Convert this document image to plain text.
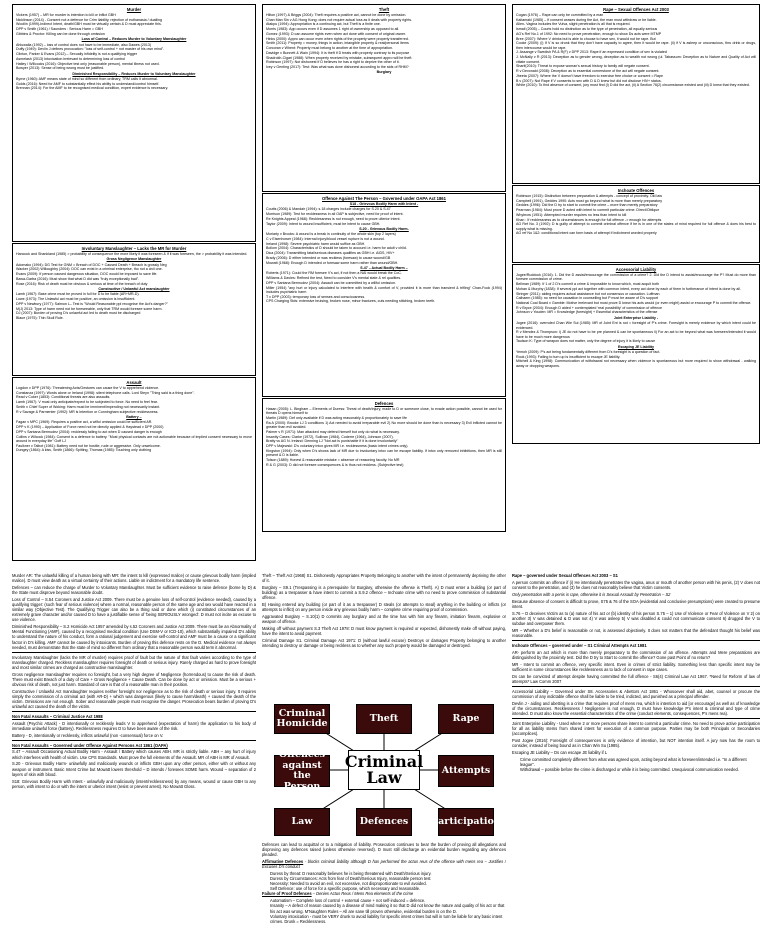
Murder

Vickers (1957) – MR for murder is intention to kill or inflict GBH

Nicklinson (2014) - Consent not a defence for Crim liability, rejection of euthanasia / dualling

Woollin (1999)-Indirect Intent, death/GBH must be virtually certain & D must appreciate this.

DPP v Smith (1961) / Saunders : Serious Harm = GBH

Gibbins & Proctor: Killing can be done through omission

Loss of Control – Reduces Murder to Voluntary Manslaughter

Ahluwalia (1992) – loss of control does not have to be immediate, also Dawes (2013)

Duffy (1949): Devlin J defines provocation: "loss of self-control + not master of his own mind".

Clinton, Parker & Evans (2012) – Sexually infidelity is not a qualifying trigger

Asmelash (2013) Intoxication irrelevant to determining loss of control

Hatley / Willcocks (2016): Objective test only (reasonable person), mental illness not used.

Bowyer (2013): Sense of being wrong must be justified.

Diminished Responsibility – Reduces Murder to Voluntary Manslaughter

Byrne (1960): AMF means state of mind so different from ordinary, TRM calls it abnormal.

Golds (2016): Need for AMF to substantially effect his ability to understand/control himself.

Brennan (2014): For the AMF to be recognised medical condition, expert evidence is necessary.

Involuntary Manslaughter – Lacks the MR for Murder

Hancock and Shankland (1985) > probability of consequence the more likely it was foreseen & if it was foreseen, the > probability it was intended.

Gross Negligence Manslaughter

Adomako (1994): DG Test for GNM = Breach of DOC + Caused Death + Breach is grossly Neg

Wacker (2002) Willoughby (2004): DOC can exist in a criminal enterprise, tho not a civil one.

Evans (2009): If person caused dangerous situation, DOC would be imposed to save life.

Bawa-Garba (2016): Must show that what D did was "truly exceptionally bad".

Rose (2016): Risk of death must be obvious & serious at time of the breach of duty

Constructive / Unlawful Act manslaughter

Lamb (1967): Base crime must be proved in full for D to be liable (AR+MR-D).

Lowe (1973): The Unlawful act must be positive, an omission is insufficient.

DPP v Newbury (1977): Salmon L– Test is "Would Reasonable ppl recognise the Act's danger?"

M(J) 2013: Type of harm need not be foreseeable, only that TRM would foresee some harm.

DJ (2007): Burden of proving D's unlawful act led to death must be discharged

Blaue (1975): Thin Skull Rule.

Assault

Logdon v DPP (1976): Threatening Acts/Gestures can cause the V to apprehend violence.

Constanza (1997): Words alone or Ireland (1998): silent telephone calls. Lord Steyn "Thing said is a thing done".

Read v Coker (1853): Conditional threats are also assaults.

Lamb (1967): V must only anticipate/expect to be subjected to force. No need to feel fear.

Smith v Chief Super of Woking: Harm must be imminent/impending not necessarily instant.

R v Savage & Parmenter (1992): MR is Intention or Cunningham subjective recklessness.

Battery –

Fagan v MPC (1969): Requires a positive act, a wilful omission could be sufficient AR.

DPP v K (1990) – Application of Force need not be directly applied & Haystead v DPP (2000)

DPP v Santana Bermudez (2004): recklessly failing to act when D caused danger is enough

Collins v Wilcock (1984): Consent is a defence to battery. "Most physical contacts are not actionable because of implied consent necessary to move around in everyday life" Goff LJ

Faulkner v Talbot (1981): Battery need not be hostile, rude or aggressive. Only unwelcome.

Dungey (1864): A kiss, Smith (1866): Spitting, Thomas (1985): Touching only clothing

Theft

Hilton (1997) & Briggs (2004): Theft requires a positive act, cannot be done by omission.

Chan Man Sin v AG Hong Kong: does not require actual loss as it deals with property rights.

Atakpu (1994): Appropriation is a continuing act, but Theft is a finite one.

Morris (1983): App occurs even if D assumes 1 right of ownership as opposed to all.

Gomez (1993): D can assume rights even when act done with consent of original owner.

Hinks (2000): Appro can occur even when rights of the property were properly transferred.

Smith (2011): Property = money, things in action, intangible property & real/personal items

Corcoran v Whent: Property must belong to another at the time of appropriation.

Davidge v Bunnett & Wain (1994): It is theft if D treats with property contrary to its purpose

Shadrokh-Cigari (1988): When property received by mistake, subsequent appro will be theft.

Robinson (1997): Not dishonest if D believes he has a right to deprive the other of it.

Ivey v Genting (2017): Test: Was what was done dishonest according to the stds of RHM?

Burglary
Offence Against The Person – Governed under OAPA Act 1861
S18 - Grievous Bodily Harm with Intent -

Coutts (2006) & Mandair (1994): s.18 charges include charges for S.20 & S.47

Morrison (1989): Test for recklessness in all OAP is subjective, need for proof of intent.

Re Knights Appeal (1968): Recklessness is not enough, need to prove ulterior intent.

Taylor (2009): Intent to wound insufficient, must be intent to cause GBH.

S.20 - Grievous Bodily Harm-

Moriarty v Brooks: A wound is a break in continuity of the whole skin (top 2 layers)

C v Eisenhower (1984): Internal injury/blood vessel rupture is not a wound.

Ireland (1998): Severe psychiatric harm would suffice as GBH.

Bollom (2004): Characteristics of D should be taken to account i.e. harm for adult v child.

Dica (2004): Transmitting fatal/serious diseases qualifies as GBH i.e. AIDS, HIV+

Brady (2006): D either intended or was reckless (foresaw) to cause wound/GB

Mowatt (1968): Enough D intended or foresaw some harm rather than wound/GBH.

S.47 – Actual Bodily Harm –

Roberts (1971): Could the RM foresee V's act, if not then a NAI would break the CoC.

Williams & Davies: Refined the test, Need to consider V's mental state & rel qualities.

DPP v Santana Bermudez (2004): Assault can be committed by a willful omission.

Miller (1954) "any hurt or injury calculated to interfere with health & comfort of V, provided it is more than transient & trifling" Chan-Fook (1994) includes psychiatric harm

T v DPP (2003): temporary loss of senses and consciousness.

CPS Charging Stds: extensive bruising, broken nose, minor fractures, cuts needing stitching, broken teeth.

Defences

Hasan (2005): L. Bingham – Elements of Duress: Threat of death/injury, made to D or someone close, to evade action possible, cannot be used for threats D opens himself to

Martin (1989): Def only available if D was acting reasonably & proportionately to save life

Ra A (2000): Brooke LJ 3 conditions 1) Act needed to avoid irreparable evil 2) No more should be done than is necessary 3) Evil inflicted cannot be greater than evil avoided.

Palmer v R (1971): Man attacked may defend himself but only do what is necessary.

Insanity Cases: Clarke (1972), Sullivan (1984), Coderre (1964), Johnson (2007).

Bratty vs AG N. Ireland: Denning LJ "Not act is punishable if it is done involuntarily"

DPP v Majewski: D's voluntary intox gives MR i.e. recklessness (basic intent crimes only).

Kingston (1994): Only when D's shows lack of MR due to involuntary intox can he escape liability. If intox only removed inhibitions, then MR is still present & D is liable.

Tolson (1889): Honest & reasonable mistake = absence of reasoning faculty. No MR

R & G (2003): D did not foresee consequences & is thus not reckless. (Subjective test)

Rape – Sexual Offences Act 2003

Cogan (1976) – Rape can only be committed by a man

Kaitamaki (1985) – If consent ceases during the Act, the man must withdraw or be liable.

Allen- Vagina includes the Vulva, slight penetration is all that is required.

Ismail (2005) – Courts hold no distinction as to the type of penetration, all equally serious

AG's Ref No.1 of 1992: No need to prove penetration, enough to show Ds acts were MTMP

Bree (2007): Where V drinks but is able to choose to have sex, it would not be rape. But

Cooke (2009): (i) If V is so drunk that they don't have capacity to agree, then it would be rape. (ii) if V is asleep or unconscious, thru drink or drugs, then intercourse would be rape.

J. Assange v Swedish PA & R(F) v DPP 2013: Rape if an expressed condition of sex is violated

J. McNally v R (2013): Deception as to gender wrong, deception as to wealth not wrong (ul. Tabassum: Deception as to Nature and Quality of Act will vitiate consent.

Sharif(2010): Threat to expose woman's sexual history to family will negate consent.

R v Devonald (2008): Deception as to essential cornerstone of the act will negate consent.

Jheeta (2007): Where the V doesn't have freedom to exercise free choice or consent = Rape

B v (2007): Not Rape if V consents to sex with D & D knew but did not disclose HIV+ status.

White (2010): To find absence of consent, jury must find (i) D did the act, (ii) A Section 76(2) circumstance existed and (iii) D knew that they existed.

Inchoate Offences

Robinson (1915): Distinction between preparation & attempts - concept of proximity. Old law

Campbell (1991), Geddes 1990: Acts must go beyond what is more than merely preparatory

Geddes (1996): Did the D try to start to commit the crime – more than merely preparatory

Pearman (1984): Must prove D acted with intent to commit particular crime. Direct/Oblique

Whybrow (1951): Attempted murder requires no less than intent to kill

Khan : If recklessness as to circumstances is enough for full offence -> enough for attempts

AG Ref No. 3 (1992): D is guilty of attempt to commit criminal offence if he is in one of the states of mind required for full offence & does his best to supply what is missing.

AG ref No 1&2: conditional intent can form basis of attempt if indictment worded properly

Accessorial Liability

Jogee/Ruddock (2016): 1. Did the D assist/encourage the commission of a crime? 2. Did the D intend to assist/encourage the P? Must do more than foresee commission of crime.

Bellman (1989): If 1 of 2 D's commit a crime & impossible to know which, must acquit both

Mohan & Murphy (1838): If several ppl act together with common intent, every act done by each of them in furtherance of intent is done by all.

Stringer (2011): aiding requires actual assistance but not consensus or causation. Luffman

Calhaem (1985): no need for causation in counselling but P must be aware of D's support

National Coal Board v Gamble: Motive irrelevant but must prove D knew his acts would (or even might) assist or encourage P to commit the offence.

R v Bryce (2004): Enough D aided + contemplated 'real possibility' of commission of offence

Johnson v Youden: MR = Knowledge (foresight) + Essential characteristics of the offense

Joint Enterprise Liability -

Jogee (2016): overruled Chan Wie Sui (1985): MR of Joint Ent is not = foresight of P's crime. Foresight is merely evidence by which intent could be evidenced.

R v Mendez & Thompson: i) JE do not have to be pre planned & can be spontaneous ii) For an act to be beyond what was foreseen/intended it would have to be much more dangerous

Taulson K: Type of weapon does not matter, only the degree of injury it is likely to cause

Escaping JE Liability

Yemoh (2009): P's act being fundamentally different from D's foresight is a question of fact.

Rook (1993): Failing to turn up is insufficient to escape JE liability.

Mitchell & King (1998): Communication of withdrawal not necessary when violence is spontaneous but more required to show withdrawal - walking away or dropping weapons.

Murder AR: The unlawful killing of a human being with MR: the intent to kill (expressed malice) or cause grievous bodily harm (implied malice). D must view death as a virtual certainty of their actions. Liable on indictment for a mandatory life sentence.

Defences – can reduce the charge of Murder to Voluntary Manslaughter. Must be sufficient evidence to raise defence (borne by D) & the State must disprove beyond reasonable doubt.

Loss of Control – S.54 Coroners and Justice Act 2009. There must be a genuine loss of self-control (evidence needed), caused by a qualifying trigger: (such fear of serious violence) where a normal, reasonable person of the same age and sex would have reacted in a similar way (Objective Test). The Qualifying Trigger can also be a thing said or done which (i) constituted circumstances of an extremely grave character and/or caused D to have a justifiable sense of 'being SERIOUSLY wronged'. D must not incite as excuse to use violence.

Diminished Responsibility – S.2 Homicide Act 1957 amended by s.52 Coroners and Justice Act 2009. There must be an Abnormality of Mental Functioning (AMF), caused by a recognised medical condition (Use DSM-V or ICD-10), which substantially impaired D's ability to understand the nature of his conduct, form a rational judgement and exercise self-control and AMF must be a cause or a significant factor in D's killing. AMF cannot be caused by intoxicants. Burden of proving this defence rests on the D. Medical evidence not always needed, must demonstrate that the state of mind so different from ordinary that a reasonable person would term it abnormal.

Involuntary Manslaughter (lacks the MR of murder) requires proof of fault but the nature of that fault varies according to the type of manslaughter charged. Reckless manslaughter requires foresight of death or serious injury. Rarely charged as hard to prove foresight and most similar crimes are charged as constructive manslaughter.

Gross negligence manslaughter requires no foresight, but a very high degree of Negligence (horrendous) to cause the risk of death. There must exist Breach of a duty of Care + Gross Negligence + Cause Death. Can be done by act or omission. Must be a serious + obvious risk of death, not just harm. Standard of care is that of a reasonable man in their position.

Constructive / Unlawful Act manslaughter requires neither foresight nor negligence as to the risk of death or serious injury. It requires simply the commission of a criminal act (with AR-D) + which was dangerous (likely to cause harm/death) + caused the death of the victim. Omissions are not enough. Sober and reasonable people must recognise the danger. Prosecution bears burden of proving D's unlawful act caused the death of the victim.

Non Fatal Assaults – Criminal Justice Act 1988

Assault (Psychic Attack) - D intentionally or recklessly leads V to apprehend (expectation of harm) the application to his body of immediate unlawful force (battery). Recklessness requires D to have been aware of the risk.

Battery - D, intentionally or recklessly, inflicts unlawful (non -consensual) force on V.

Non Fatal Assaults – Governed under Offence Against Persons Act 1861 (OAPA)

S.47 – Assault Occasioning Actual Bodily Harm - Assault / Battery which causes ABH. MR is strictly liable. ABH – any hurt of injury which interferes with health of victim. Use CPS Standards. Must prove the full elements of the Assault. MR of ABH is MR of Assault.

S.20 - Grievous Bodily Harm- unlawfully and maliciously wounds or inflicts GBH upon any other person, either with or without any weapon or instrument. Basic Intent Crime but Mowatt lowers threshold – D intends / foresees SOME harm. Wound – separation of 2 layers of skin with blood.

S18: Grievous Bodily Harm with Intent - unlawfully and maliciously (intent/recklessness) by any means, wound or cause GBH to any person, with intent to do or with the intent or ulterior intent (resist or prevent arrest). No Mowatt Gloss.

Theft – Theft Act (1968) S1. Dishonestly Appropriates Property Belonging to another with the intent of permanently depriving the other of it.

Burglary – S9.1 (Trespassing is a prerequisite for Burglary, otherwise the offense is Theft). A) D must enter a building (or part of building) as a trespasser & have intent to commit a S.9.2 offence – Inchoate crime with no need to prove commission of substantial offence.

B) Having entered any building (or part of it as a trespasser) D steals (or attempts to steal) anything in the building or inflicts (or attempts to inflict) on any person inside any grievous bodily harm – complete crime requiring proof of commission.

Aggravated Burglary – S.10(1) D commits any burglary and at the time has with him any firearm, imitation firearm, explosive or weapon of offence.

Making off without payment S.3 Theft Act 1978: D must know payment is required or expected, dishonestly make off without paying, have the intent to avoid payment.

Criminal Damage S1. Criminal Damage Act 1971: D (without lawful excuse) Destroys or damages Property belonging to another intending to destroy or damage or being reckless as to whether any such property would be damaged or destroyed.

Criminal Homicide	Theft	Rape
Offences against the Person
Criminal Law	Attempts
Law	Defences	Participation

Defences can lead to acquittal or to a mitigation of liability. Prosecution continues to bear the burden of proving all allegations and disproving any defences raised (unless otherwise reversed). D must still discharge an evidential burden regarding any defences pleaded.

Affirmative Defences - blocks criminal liability although D has performed the actus reus of the offence with mens rea – Justifies / Excuses D's conduct

• Duress by threat: D reasonably believes he is being threatened with Death/Serious injury.
• Duress by Circumstances: Acts from fear of Death/Serious Injury, reasonable person test
• Necessity: Needed to avoid an evil, not excessive, not disproportionate to evil avoided.
• Self Defence: use of force for a specific purpose, which necessary and reasonable.

Failure of Proof Defences – Denies Actus Reus / Mens Rea elements of the crime

• Automatism – Complete loss of control + external cause + not self-induced = defence.
• Insanity – A defect of reason caused by a disease of mind making it so that D did not know the nature and quality of his act or that his act was wrong. M'Naughten Rules – All are sane till proven otherwise, evidential burden is on the D.
• Voluntary intoxication - must be VERY drunk to avoid liability for specific intent crimes but will in turn be liable for any basic intent crimes. Drunk = Recklessness.

Rape – governed under Sexual Offences Act 2003 – S1

A person commits an offence if (i) He intentionally penetrates the vagina, anus or mouth of another person with his penis, (2) V does not consent to the penetration, and (3) he does not reasonably believe that Victim consents.

Only penetration with a penis is rape, otherwise it is Sexual Assault by Penetration – S2

Because absence of consent is difficult to prove, S75 & 76 of the SOA (evidential and conclusive presumptions) were created to presume intent.

S.76 – D deceives Victim as to (a) nature of his act or (b) identity of his person S.75 – 1) Use of Violence or Fear of Violence on V 2) on another 3) V was detained & D was not 4) V was asleep 5) V was disabled & could not communicate consent 6) drugged the V to subdue and overpower them.

MR – Whether a D's belief is reasonable or not, is assessed objectively. It does not matters that the defendant thought his belief was reasonable.

Inchoate Offences – governed under – S1 Criminal Attempts Act 1981

AR- perform an act which is more than merely preparatory to the commission of an offence. Attempts and Mere preparations are distinguished by the proximity test. Did the D try to Start to commit the offence? Gone past Point of no return?

MR - Intent to commit an offence, very specific intent. Even in crimes of strict liability. Something less than specific intent may be sufficient in some circumstances like recklessness as to lack of consent in rape cases.

Ds can be convicted of attempt despite having committed the full offence - S6(4) Criminal Law Act 1967. *Need for Reform of law of attempts* Law Comm 2007

Accessorial Liability – Governed under S8. Accessories & Abettors Act 1861 - Whosoever shall aid, abet, counsel or procure the commission of any indictable offence shall be liable to be tried, indicted, and punished as a principal offender.

Devlin J - aiding and abetting is a crime that requires proof of mens rea, which is intention to aid [or encourage] as well as of knowledge of the circumstances. Recklessness / Negligence is not enough, D must have knowledge P's intent & criminal and type of crime intended. D must also know the essential characteristics of the crime (conduct elements, consequences, P's mens rea).

Joint Enterprise Liability - Used where 2 or more persons share intent to commit a particular crime. No need to prove active participation for all as liability stems from shared intent for execution of a common purpose. Parties may be both Principals or Secondaries (accomplices).

Post Jogee (2016): Foresight of consequences is only evidence of intention, but NOT intention itself. A jury now has the room to consider, instead of being bound as in Chan Win Su (1985).

Escaping JE Liability – Ds can escape JE liability if L

• Crime committed completely different from what was agreed upon, acting beyond what is foreseen/intended i.e. "In a different league".
• Withdrawal – possible before the crime is discharged or while it is being committed. Unequivocal communication needed.
